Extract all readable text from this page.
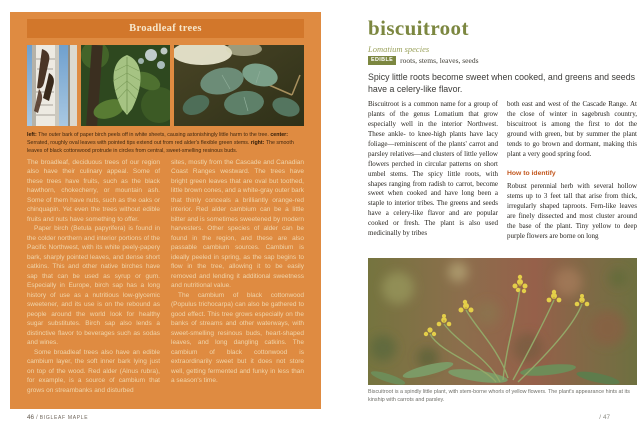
Broadleaf trees

left: The outer bark of paper birch peels off in white sheets, causing astonishingly little harm to the tree. center: Serrated, roughly oval leaves with pointed tips extend out from red alder's flexible green stems. right: The smooth leaves of black cottonwood protrude in circles from central, sweet-smelling resinous buds.

The broadleaf, deciduous trees of our region also have their culinary appeal. Some of these trees have fruits, such as the black hawthorn, chokecherry, or mountain ash. Some of them have nuts, such as the oaks or chinquapin. Yet even the trees without edible fruits and nuts have something to offer.

Paper birch (Betula papyrifera) is found in the colder northern and interior portions of the Pacific Northwest, with its white peely-papery bark, sharply pointed leaves, and dense short catkins. This and other native birches have sap that can be used as syrup or gum. Especially in Europe, birch sap has a long history of use as a nutritious low-glycemic sweetener, and its use is on the rebound as people around the world look for healthy sugar substitutes. Birch sap also lends a distinctive flavor to beverages such as sodas and wines.

Some broadleaf trees also have an edible cambium layer, the soft inner bark lying just on top of the wood. Red alder (Alnus rubra), for example, is a source of cambium that grows on streambanks and disturbed

sites, mostly from the Cascade and Canadian Coast Ranges westward. The trees have bright green leaves that are oval but toothed, little brown cones, and a white-gray outer bark that thinly conceals a brilliantly orange-red interior. Red alder cambium can be a little bitter and is sometimes sweetened by modern harvesters. Other species of alder can be found in the region, and these are also passable cambium sources. Cambium is ideally peeled in spring, as the sap begins to flow in the tree, allowing it to be easily removed and lending it additional sweetness and nutritional value.

The cambium of black cottonwood (Populus trichocarpa) can also be gathered to good effect. This tree grows especially on the banks of streams and other waterways, with sweet-smelling resinous buds, heart-shaped leaves, and long dangling catkins. The cambium of black cottonwood is extraordinarily sweet but it does not store well, getting fermented and funky in less than a season's time.

46 / BIGLEAF MAPLE
biscuitroot
Lomatium species
EDIBLE roots, stems, leaves, seeds

Spicy little roots become sweet when cooked, and greens and seeds have a celery-like flavor.

Biscuitroot is a common name for a group of plants of the genus Lomatium that grow especially well in the interior Northwest. These ankle- to knee-high plants have lacy foliage—reminiscent of the plants' carrot and parsley relatives—and clusters of little yellow flowers perched in circular patterns on short umbel stems. The spicy little roots, with shapes ranging from radish to carrot, become sweet when cooked and have long been a staple to interior tribes. The greens and seeds have a celery-like flavor and are popular cooked or fresh. The plant is also used medicinally by tribes

both east and west of the Cascade Range. At the close of winter in sagebrush country, biscuitroot is among the first to dot the ground with green, but by summer the plant tends to go brown and dormant, making this plant a very good spring food.

How to identify

Robust perennial herb with several hollow stems up to 3 feet tall that arise from thick, irregularly shaped taproots. Fern-like leaves are finely dissected and most cluster around the base of the plant. Tiny yellow to deep purple flowers are borne on long

Biscuitroot is a spindly little plant, with stem-borne whorls of yellow flowers. The plant's appearance hints at its kinship with carrots and parsley.

/ 47
